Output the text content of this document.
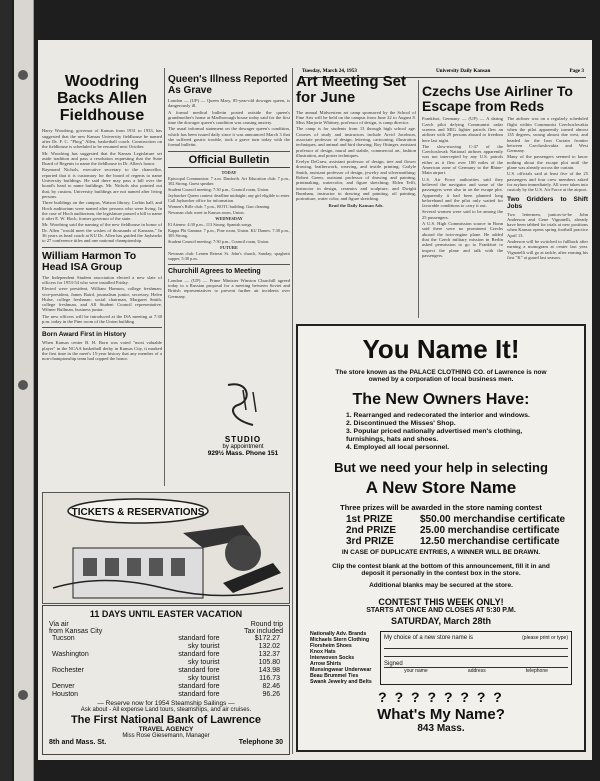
Tuesday, March 24, 1953	University Daily Kansan	Page 3
Woodring Backs Allen Fieldhouse

Harry Woodring, governor of Kansas from 1931 to 1933, has suggested that the new Kansas University fieldhouse be named after Dr. F. C. "Phog" Allen, basketball coach. Construction on the fieldhouse is scheduled to be resumed next October.

Mr. Woodring has suggested that the Kansas Legislature set aside tradition and pass a resolution requesting that the State Board of Regents to name the fieldhouse in Dr. Allen's honor.

Raymond Nichols, executive secretary to the chancellor, reported that it is customary for the board of regents to name University buildings. He said there may pass a bill over the board's head to name buildings. Mr. Nichols also pointed out that, by custom, University buildings are not named after living persons.

Three buildings on the campus, Watson library, Corbin hall, and Hoch auditorium were named after persons who were living. In the case of Hoch auditorium, the legislature passed a bill to name it after E. W. Hoch, former governor of the state.

Mr. Woodring said the naming of the new fieldhouse in honor of Dr. Allen "would meet the wishes of thousands of Kansans." In 36 years as head coach at KU Dr. Allen has guided the Jayhawks to 27 conference titles and one national championship.

William Harmon To Head ISA Group

The Independent Student association elected a new slate of officers for 1953-54 who were installed Friday.

Elected were president, William Harmon, college freshman; vice-president, James Baird, journalism junior; secretary, Helen Hulse, college freshman; social chairman, Margaret Smith, college freshman, and All Student Council representative, Wilmer Bullman, business junior.

The new officers will be introduced at the ISA meeting at 7:30 p.m. today in the Pine room of the Union building.

Born Award First in History

When Kansas center B. H. Born was voted "most valuable player" in the NCAA basketball derby in Kansas City, it marked the first time in the meet's 15-year history that any member of a non-championship team had copped the honor.

Queen's Illness Reported As Grave

London — (UP) — Queen Mary, 85-year-old dowager queen, is dangerously ill.

A formal medical bulletin posted outside the queen's grandmother's home at Marlborough house today said for the first time the dowager queen's condition was causing anxiety.

The usual informal statement on the dowager queen's condition, which has been issued daily since it was announced March 3 that she suffered gastric trouble, took a grave turn today with the formal bulletin.

Official Bulletin

TODAY

Episcopal Communion: 7 a.m. Danforth. Art Education club: 7 p.m., 302 Strong. Guest speaker.

Student Council meeting: 7:30 p.m., Council room, Union.

Jayhawker Queen contest: deadline midnight; any girl eligible to enter. Call Jayhawker office for information.

Women's Rifle club: 7 p.m., ROTC building. Gun cleaning.

Newman club: meet in Kansas room, Union.

WEDNESDAY

El Ateneo: 4:30 p.m., 113 Strong. Spanish songs.

Kappa Phi Gamma: 7 p.m., Pine room, Union. KU Dames: 7:30 p.m., 305 Strong.

Student Council meeting: 7:30 p.m., Council room, Union.

FUTURE

Newman club: Lenten Retreat St. John's church, Sunday; spaghetti supper, 5:30 p.m.

Churchill Agrees to Meeting

London — (UP) — Prime Minister Winston Churchill agreed today to a Russian proposal for a meeting between Soviet and British representatives to prevent further air incidents over Germany.

STUDIO
by appointment
929½ Mass. Phone 151
Art Meeting Set for June

The annual Midwestern art camp sponsored by the School of Fine Arts will be held on the campus from June 22 to August 8. Miss Marjorie Whitney, professor of design, is camp director.

The camp is for students from 13 through high school age. Courses of study and instructors include Arvid Jacobson, associate professor of design, lettering, cartooning, illustration techniques, and animal and bird drawing; Roy Ottinger, assistant professor of design, mural and stabile, commercial art, fashion illustration, and poster techniques.

Evelyn DeGraw, assistant professor of design, tree and flower drawing, leatherwork, weaving, and textile printing; Carlyle Smith, assistant professor of design, jewelry and silversmithing; Robert Green, assistant professor of drawing and painting, printmaking, watercolor, and figure sketching; Elden Tefft, instructor in design, ceramics and sculpture, and Dwight Burnham, instructor in drawing and painting, oil painting, portraiture, water color, and figure sketching.

Read the Daily Kansan Ads.

Czechs Use Airliner To Escape from Reds

Frankfurt, Germany — (UP) — A daring Czech pilot defying Communist radar screens and MIG fighter patrols flew an airliner with 29 persons aboard to freedom here last night.

The slow-moving C-47 of the Czechoslovak National airlines apparently was not intercepted by any U.S. patrols either as it flew over 100 miles of the American zone of Germany to the Rhine-Main airport.

U.S. Air Force authorities said they believed the navigator and some of the passengers were also in on the escape plot. Apparently it had been planned long beforehand and the pilot only waited for favorable conditions to carry it out.

Several women were said to be among the 25 passengers.

A U.S. High Commission source in Bonn said there were no prominent Czechs aboard the twin-engine plane. He added that the Czech military mission in Berlin asked permission to go to Frankfurt to inspect the plane and talk with the passengers.

The airliner was on a regularly scheduled flight within Communist Czechoslovakia when the pilot apparently turned almost 135 degrees, swung almost due west, and headed for the Iron Curtain frontier between Czechoslovakia and West Germany.

Many of the passengers seemed to know nothing about the escape plot until the plane was already across the curtain.

U.S. officials said at least five of the 25 passengers and four crew members asked for asylum immediately. All were taken into custody by the U.S. Air Force at the airport.

Two Gridders to Shift Jobs

Two lettermen, juniors-to-be John Anderson and Gene Vignatelli, already have been tabbed for trials at new positions when Kansas opens spring football practice April 13.

Anderson will be switched to fullback after earning a monogram at center last year. Vignatelli will go at tackle, after earning his first "K" at guard last season.

TICKETS & RESERVATIONS
11 DAYS UNTIL EASTER VACATION
Via air	Round trip
from Kansas City	Tax included
Tucson	standard fore	$172.27
	sky tourist	132.02
Washington	standard fore	132.37
	sky tourist	105.80
Rochester	standard fore	143.98
	sky tourist	116.73
Denver	standard fore	82.46
Houston	standard fore	96.26
— Reserve now for 1954 Steamship Sailings —
Ask about - All expense Land tours, steamships, and air cruises.
The First National Bank of Lawrence
TRAVEL AGENCY
Miss Rose Giesemann, Manager
8th and Mass. St.	Telephone 30
You Name It!
The store known as the PALACE CLOTHING CO. of Lawrence is now owned by a corporation of local business men.
The New Owners Have:
1. Rearranged and redecorated the interior and windows.
2. Discontinued the Misses' Shop.
3. Popular priced nationally advertised men's clothing, furnishings, hats and shoes.
4. Employed all local personnel.
But we need your help in selecting
A New Store Name
Three prizes will be awarded in the store naming contest
1st PRIZE	$50.00 merchandise certificate
2nd PRIZE	25.00 merchandise certificate
3rd PRIZE	12.50 merchandise certificate
IN CASE OF DUPLICATE ENTRIES, A WINNER WILL BE DRAWN.
Clip the contest blank at the bottom of this announcement, fill it in and deposit it personally in the contest box in the store.
Additional blanks may be secured at the store.
CONTEST THIS WEEK ONLY!
STARTS AT ONCE AND CLOSES AT 5:30 P.M.
SATURDAY, March 28th
Nationally Adv. Brands
Michaels Stern Clothing
Florsheim Shoes
Knox Hats
Interwoven Socks
Arrow Shirts
Munsingwear Underwear
Beau Brummel Ties
Swank Jewelry and Belts
My choice of a new store name is	(please print or type)
Signed
your name	address	telephone
? ? ? ? ? ? ? ?
What's My Name?
843 Mass.
